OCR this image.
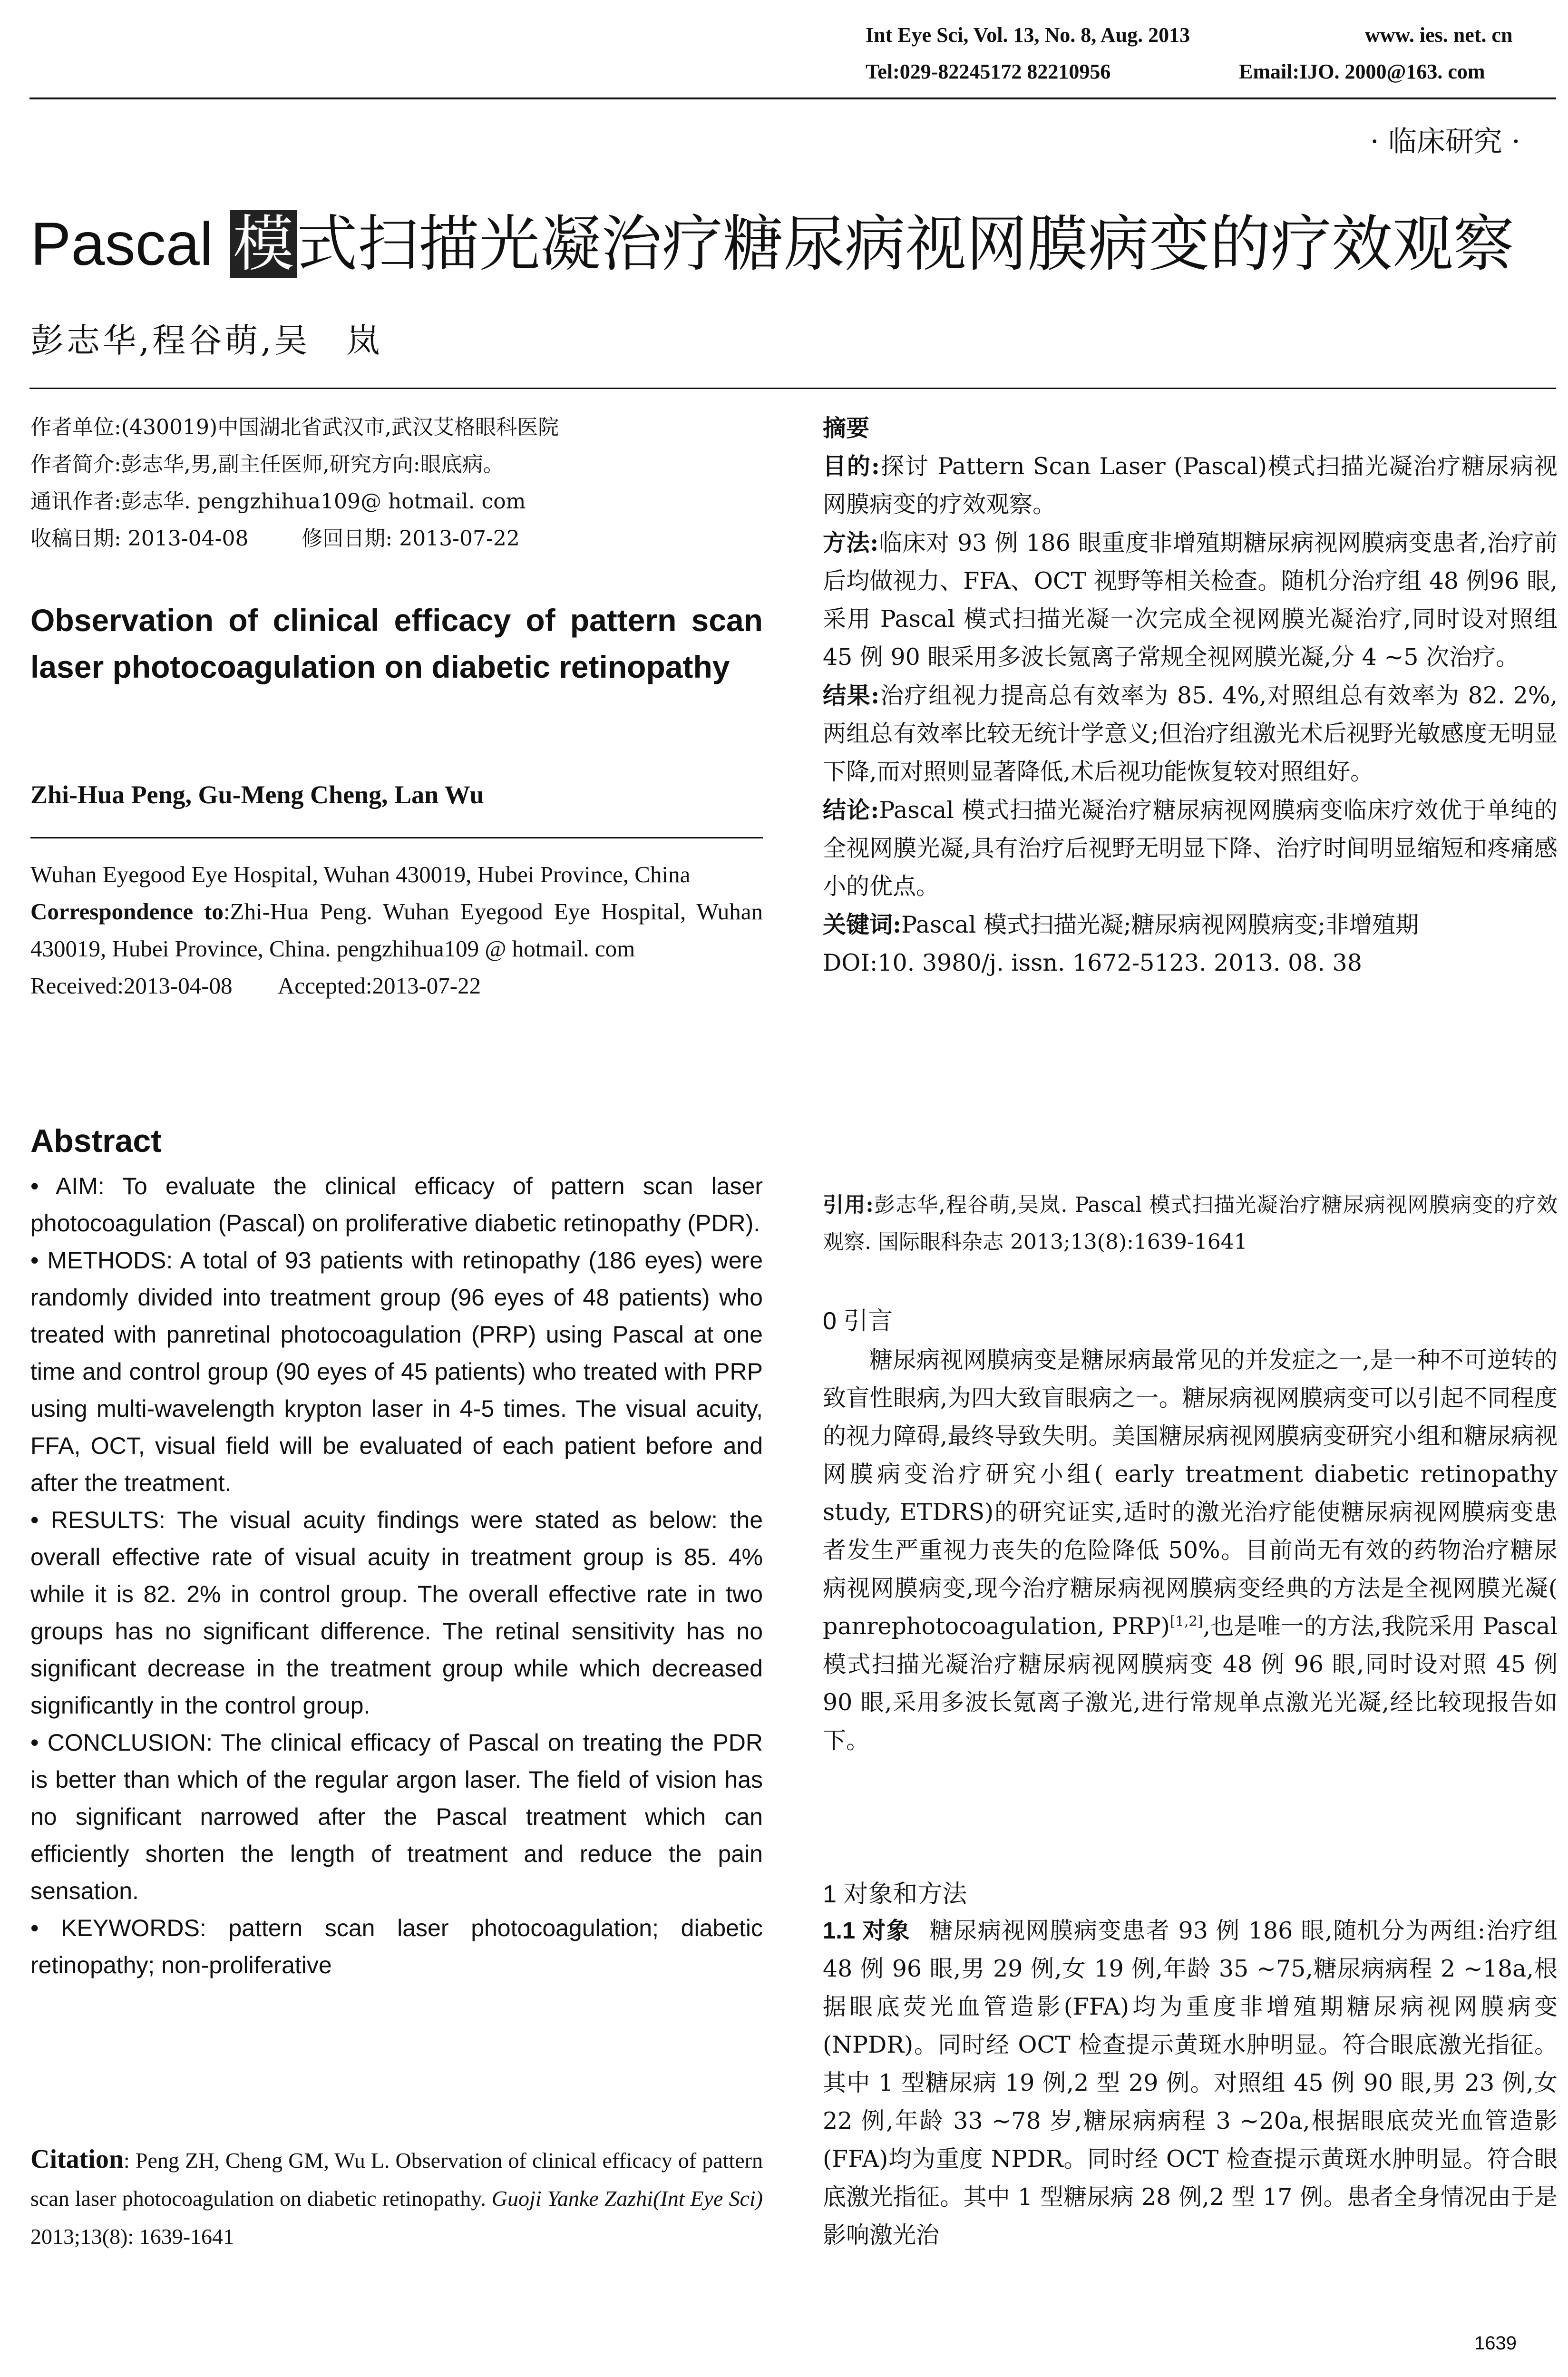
Int Eye Sci, Vol. 13, No. 8, Aug. 2013	www. ies. net. cn
Tel:029-82245172 82210956	Email:IJO. 2000@163. com
· 临床研究 ·
Pascal 模式扫描光凝治疗糖尿病视网膜病变的疗效观察
彭志华,程谷萌,吴　岚

作者单位:(430019)中国湖北省武汉市,武汉艾格眼科医院

作者简介:彭志华,男,副主任医师,研究方向:眼底病。

通讯作者:彭志华. pengzhihua109@ hotmail. com

收稿日期: 2013-04-08        修回日期: 2013-07-22

Observation of clinical efficacy of pattern scan laser photocoagulation on diabetic retinopathy
Zhi-Hua Peng, Gu-Meng Cheng, Lan Wu

Wuhan Eyegood Eye Hospital, Wuhan 430019, Hubei Province, China

Correspondence to:Zhi-Hua Peng. Wuhan Eyegood Eye Hospital, Wuhan 430019, Hubei Province, China. pengzhihua109 @ hotmail. com

Received:2013-04-08        Accepted:2013-07-22

Abstract

• AIM: To evaluate the clinical efficacy of pattern scan laser photocoagulation (Pascal) on proliferative diabetic retinopathy (PDR).

• METHODS: A total of 93 patients with retinopathy (186 eyes) were randomly divided into treatment group (96 eyes of 48 patients) who treated with panretinal photocoagulation (PRP) using Pascal at one time and control group (90 eyes of 45 patients) who treated with PRP using multi-wavelength krypton laser in 4-5 times. The visual acuity, FFA, OCT, visual field will be evaluated of each patient before and after the treatment.

• RESULTS: The visual acuity findings were stated as below: the overall effective rate of visual acuity in treatment group is 85. 4% while it is 82. 2% in control group. The overall effective rate in two groups has no significant difference. The retinal sensitivity has no significant decrease in the treatment group while which decreased significantly in the control group.

• CONCLUSION: The clinical efficacy of Pascal on treating the PDR is better than which of the regular argon laser. The field of vision has no significant narrowed after the Pascal treatment which can efficiently shorten the length of treatment and reduce the pain sensation.

• KEYWORDS: pattern scan laser photocoagulation; diabetic retinopathy; non-proliferative

Citation: Peng ZH, Cheng GM, Wu L. Observation of clinical efficacy of pattern scan laser photocoagulation on diabetic retinopathy. Guoji Yanke Zazhi(Int Eye Sci) 2013;13(8): 1639-1641

摘要

目的:探讨 Pattern Scan Laser (Pascal)模式扫描光凝治疗糖尿病视网膜病变的疗效观察。

方法:临床对 93 例 186 眼重度非增殖期糖尿病视网膜病变患者,治疗前后均做视力、FFA、OCT 视野等相关检查。随机分治疗组 48 例96 眼,采用 Pascal 模式扫描光凝一次完成全视网膜光凝治疗,同时设对照组 45 例 90 眼采用多波长氪离子常规全视网膜光凝,分 4 ~5 次治疗。

结果:治疗组视力提高总有效率为 85. 4%,对照组总有效率为 82. 2%,两组总有效率比较无统计学意义;但治疗组激光术后视野光敏感度无明显下降,而对照则显著降低,术后视功能恢复较对照组好。

结论:Pascal 模式扫描光凝治疗糖尿病视网膜病变临床疗效优于单纯的全视网膜光凝,具有治疗后视野无明显下降、治疗时间明显缩短和疼痛感小的优点。

关键词:Pascal 模式扫描光凝;糖尿病视网膜病变;非增殖期

DOI:10. 3980/j. issn. 1672-5123. 2013. 08. 38

引用:彭志华,程谷萌,吴岚. Pascal 模式扫描光凝治疗糖尿病视网膜病变的疗效观察. 国际眼科杂志 2013;13(8):1639-1641
0 引言
糖尿病视网膜病变是糖尿病最常见的并发症之一,是一种不可逆转的致盲性眼病,为四大致盲眼病之一。糖尿病视网膜病变可以引起不同程度的视力障碍,最终导致失明。美国糖尿病视网膜病变研究小组和糖尿病视网膜病变治疗研究小组( early treatment diabetic retinopathy study, ETDRS)的研究证实,适时的激光治疗能使糖尿病视网膜病变患者发生严重视力丧失的危险降低 50%。目前尚无有效的药物治疗糖尿病视网膜病变,现今治疗糖尿病视网膜病变经典的方法是全视网膜光凝( panrephotocoagulation, PRP)[1,2],也是唯一的方法,我院采用 Pascal 模式扫描光凝治疗糖尿病视网膜病变 48 例 96 眼,同时设对照 45 例 90 眼,采用多波长氪离子激光,进行常规单点激光光凝,经比较现报告如下。
1 对象和方法
1.1 对象 糖尿病视网膜病变患者 93 例 186 眼,随机分为两组:治疗组 48 例 96 眼,男 29 例,女 19 例,年龄 35 ~75,糖尿病病程 2 ~18a,根据眼底荧光血管造影(FFA)均为重度非增殖期糖尿病视网膜病变(NPDR)。同时经 OCT 检查提示黄斑水肿明显。符合眼底激光指征。其中 1 型糖尿病 19 例,2 型 29 例。对照组 45 例 90 眼,男 23 例,女 22 例,年龄 33 ~78 岁,糖尿病病程 3 ~20a,根据眼底荧光血管造影(FFA)均为重度 NPDR。同时经 OCT 检查提示黄斑水肿明显。符合眼底激光指征。其中 1 型糖尿病 28 例,2 型 17 例。患者全身情况由于是影响激光治
1639
